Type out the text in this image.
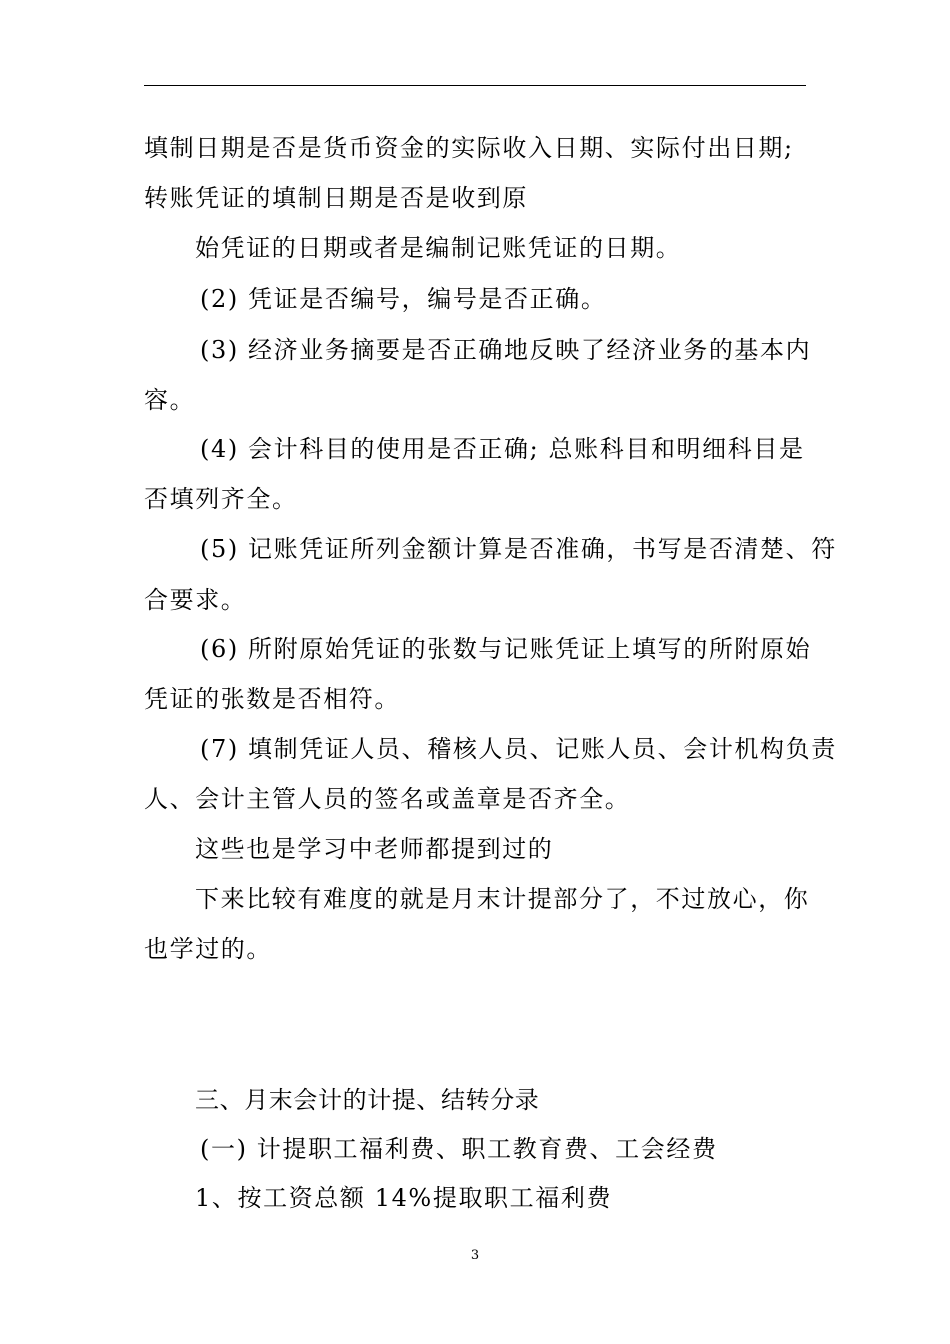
填制日期是否是货币资金的实际收入日期、实际付出日期;
转账凭证的填制日期是否是收到原
始凭证的日期或者是编制记账凭证的日期。
(2) 凭证是否编号，编号是否正确。
(3) 经济业务摘要是否正确地反映了经济业务的基本内
容。
(4) 会计科目的使用是否正确; 总账科目和明细科目是
否填列齐全。
(5) 记账凭证所列金额计算是否准确，书写是否清楚、符
合要求。
(6) 所附原始凭证的张数与记账凭证上填写的所附原始
凭证的张数是否相符。
(7) 填制凭证人员、稽核人员、记账人员、会计机构负责
人、会计主管人员的签名或盖章是否齐全。
这些也是学习中老师都提到过的
下来比较有难度的就是月末计提部分了，不过放心，你
也学过的。
三、月末会计的计提、结转分录
(一) 计提职工福利费、职工教育费、工会经费
1、按工资总额 14%提取职工福利费
3
